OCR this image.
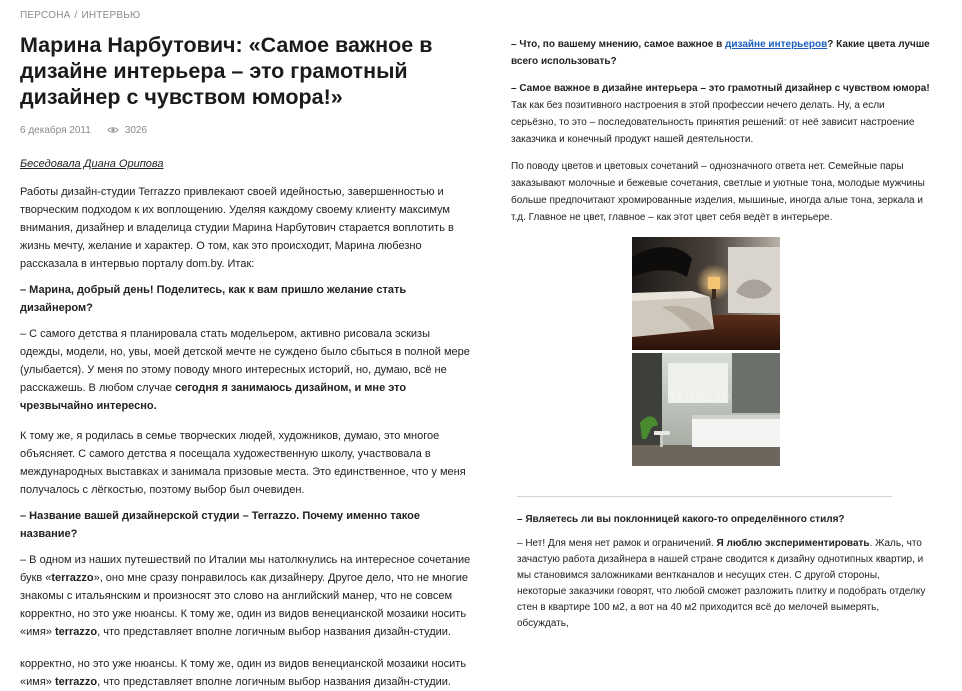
ПЕРСОНА / ИНТЕРВЬЮ
Марина Нарбутович: «Самое важное в дизайне интерьера – это грамотный дизайнер с чувством юмора!»
6 декабря 2011	3026
Беседовала Диана Орипова

Работы дизайн-студии Terrazzo привлекают своей идейностью, завершенностью и творческим подходом к их воплощению. Уделяя каждому своему клиенту максимум внимания, дизайнер и владелица студии Марина Нарбутович старается воплотить в жизнь мечту, желание и характер. О том, как это происходит, Марина любезно рассказала в интервью порталу dom.by. Итак:

– Марина, добрый день! Поделитесь, как к вам пришло желание стать дизайнером?

– С самого детства я планировала стать модельером, активно рисовала эскизы одежды, модели, но, увы, моей детской мечте не суждено было сбыться в полной мере (улыбается). У меня по этому поводу много интересных историй, но, думаю, всё не расскажешь. В любом случае сегодня я занимаюсь дизайном, и мне это чрезвычайно интересно.

К тому же, я родилась в семье творческих людей, художников, думаю, это многое объясняет. С самого детства я посещала художественную школу, участвовала в международных выставках и занимала призовые места. Это единственное, что у меня получалось с лёгкостью, поэтому выбор был очевиден.

– Название вашей дизайнерской студии – Terrazzo. Почему именно такое название?

– В одном из наших путешествий по Италии мы натолкнулись на интересное сочетание букв «terrazzo», оно мне сразу понравилось как дизайнеру. Другое дело, что не многие знакомы с итальянским и произносят это слово на английский манер, что не совсем корректно, но это уже нюансы. К тому же, один из видов венецианской мозаики носить «имя» terrazzo, что представляет вполне логичным выбор названия дизайн-студии.

корректно, но это уже нюансы. К тому же, один из видов венецианской мозаики носить «имя» terrazzo, что представляет вполне логичным выбор названия дизайн-студии.

– Что, по вашему мнению, самое важное в дизайне интерьеров? Какие цвета лучше всего использовать?

– Самое важное в дизайне интерьера – это грамотный дизайнер с чувством юмора! Так как без позитивного настроения в этой профессии нечего делать. Ну, а если серьёзно, то это – последовательность принятия решений: от неё зависит настроение заказчика и конечный продукт нашей деятельности.

По поводу цветов и цветовых сочетаний – однозначного ответа нет. Семейные пары заказывают молочные и бежевые сочетания, светлые и уютные тона, молодые мужчины больше предпочитают хромированные изделия, мышиные, иногда алые тона, зеркала и т.д. Главное не цвет, главное – как этот цвет себя ведёт в интерьере.

terrazzo

– Являетесь ли вы поклонницей какого-то определённого стиля?

– Нет! Для меня нет рамок и ограничений. Я люблю экспериментировать. Жаль, что зачастую работа дизайнера в нашей стране сводится к дизайну однотипных квартир, и мы становимся заложниками вентканалов и несущих стен. С другой стороны, некоторые заказчики говорят, что любой сможет разложить плитку и подобрать отделку стен в квартире 100 м2, а вот на 40 м2 приходится всё до мелочей вымерять, обсуждать,
